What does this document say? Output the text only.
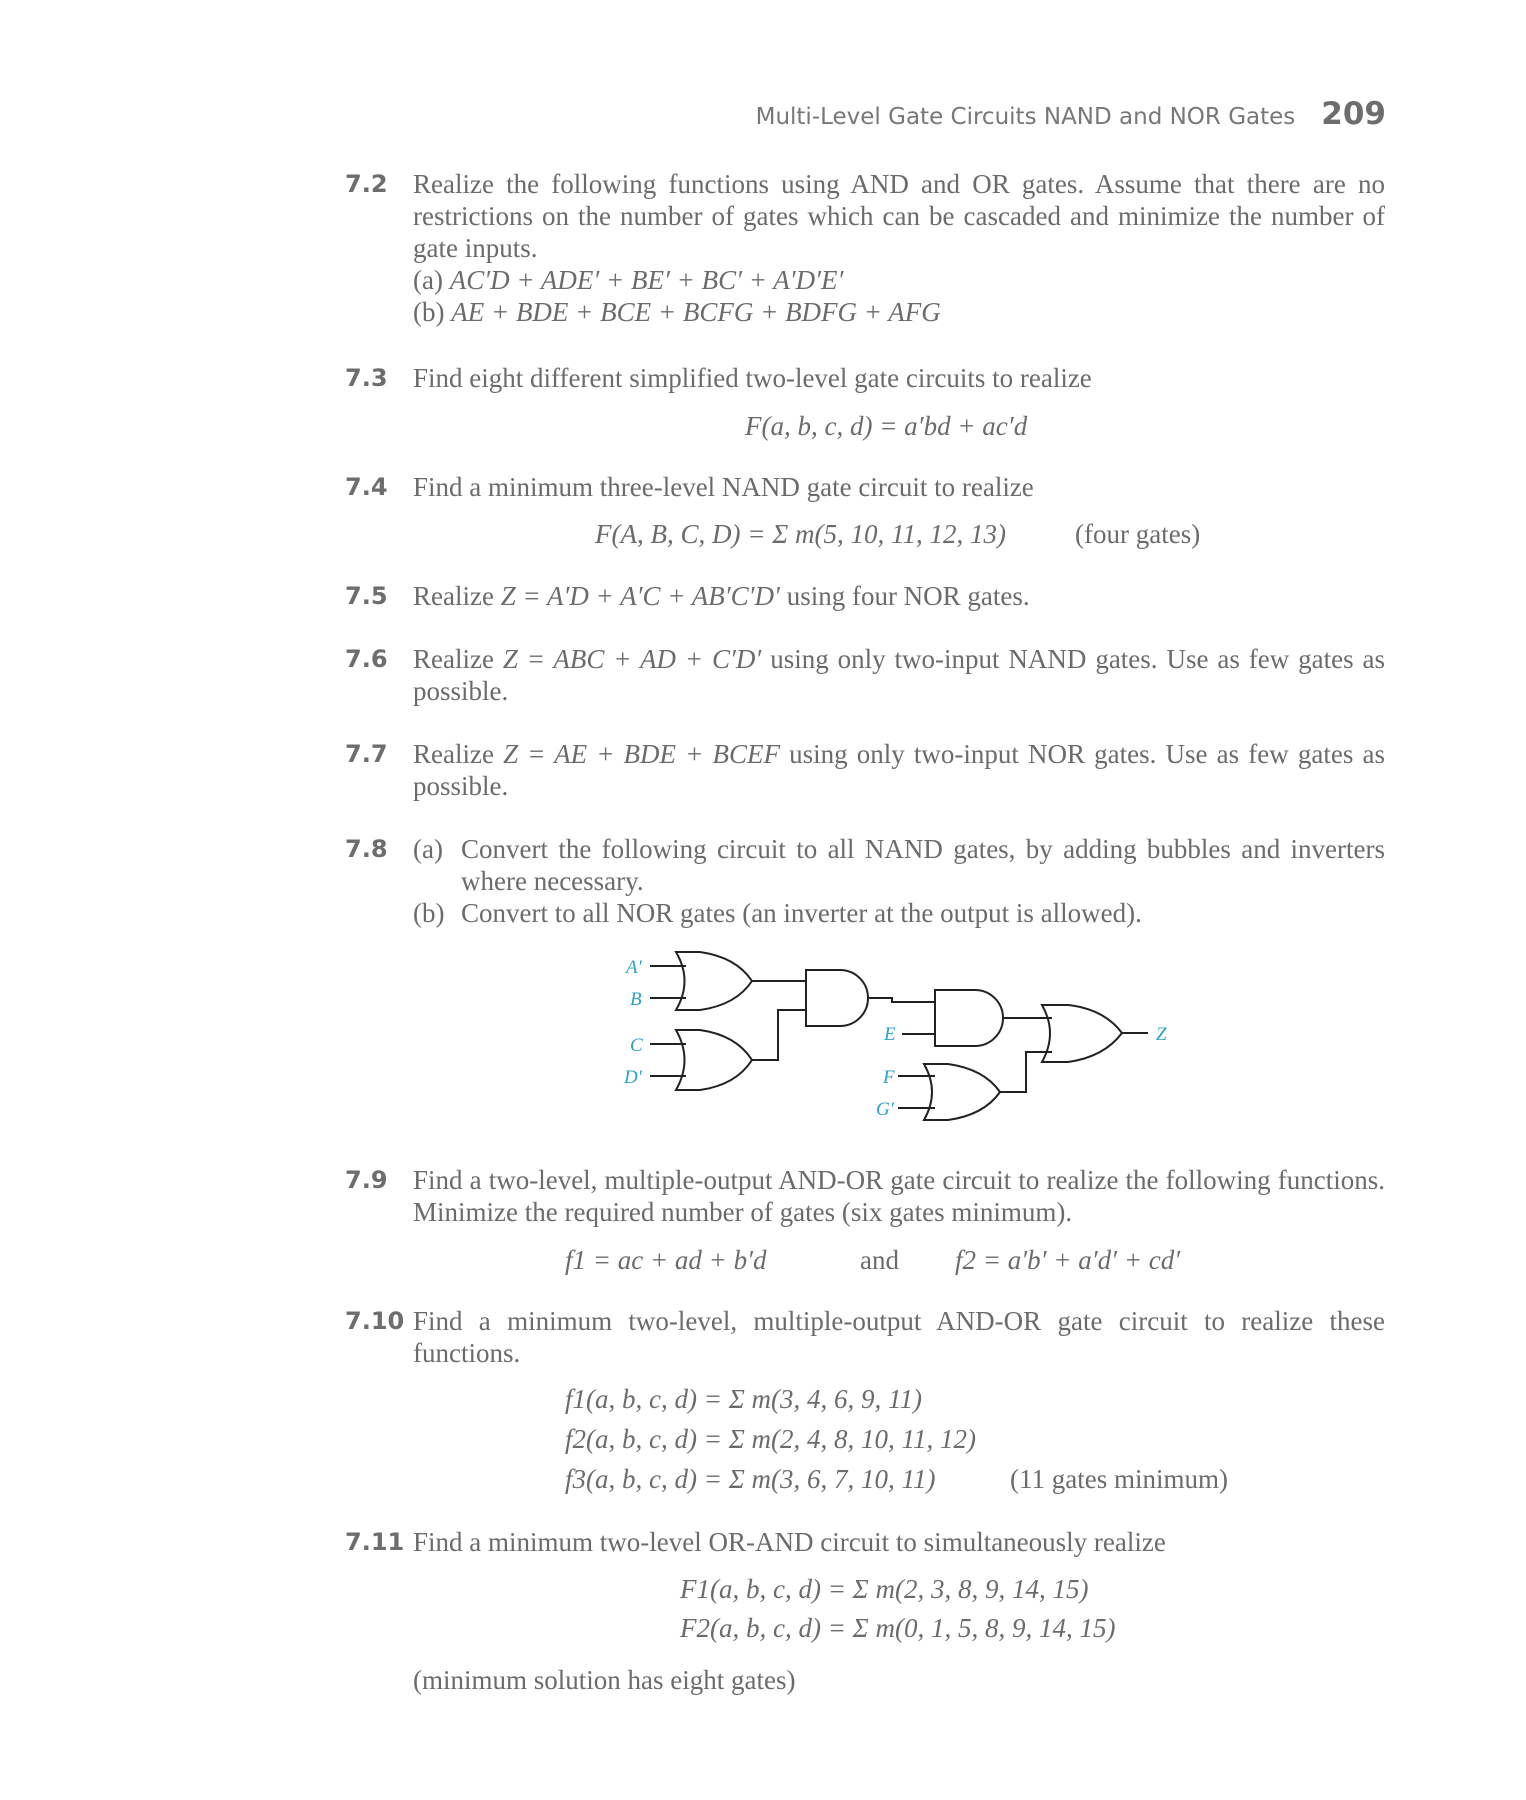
Multi-Level Gate Circuits NAND and NOR Gates 209
7.2 Realize the following functions using AND and OR gates. Assume that there are no restrictions on the number of gates which can be cascaded and minimize the number of gate inputs.
(a) AC′D + ADE′ + BE′ + BC′ + A′D′E′
(b) AE + BDE + BCE + BCFG + BDFG + AFG
7.3 Find eight different simplified two-level gate circuits to realize
F(a, b, c, d) = a′bd + ac′d
7.4 Find a minimum three-level NAND gate circuit to realize
F(A, B, C, D) = Σ m(5, 10, 11, 12, 13)	(four gates)
7.5 Realize Z = A′D + A′C + AB′C′D′ using four NOR gates.
7.6 Realize Z = ABC + AD + C′D′ using only two-input NAND gates. Use as few gates as possible.
7.7 Realize Z = AE + BDE + BCEF using only two-input NOR gates. Use as few gates as possible.
7.8 (a) Convert the following circuit to all NAND gates, by adding bubbles and inverters where necessary.
(b) Convert to all NOR gates (an inverter at the output is allowed).
A′
B
C
D′
E
F
G′
Z
7.9 Find a two-level, multiple-output AND-OR gate circuit to realize the following functions. Minimize the required number of gates (six gates minimum).
f1 = ac + ad + b′d	and f2 = a′b′ + a′d′ + cd′
7.10 Find a minimum two-level, multiple-output AND-OR gate circuit to realize these functions.
f1(a, b, c, d) = Σ m(3, 4, 6, 9, 11)
f2(a, b, c, d) = Σ m(2, 4, 8, 10, 11, 12)
f3(a, b, c, d) = Σ m(3, 6, 7, 10, 11)	(11 gates minimum)
7.11 Find a minimum two-level OR-AND circuit to simultaneously realize
F1(a, b, c, d) = Σ m(2, 3, 8, 9, 14, 15)
F2(a, b, c, d) = Σ m(0, 1, 5, 8, 9, 14, 15)
(minimum solution has eight gates)
